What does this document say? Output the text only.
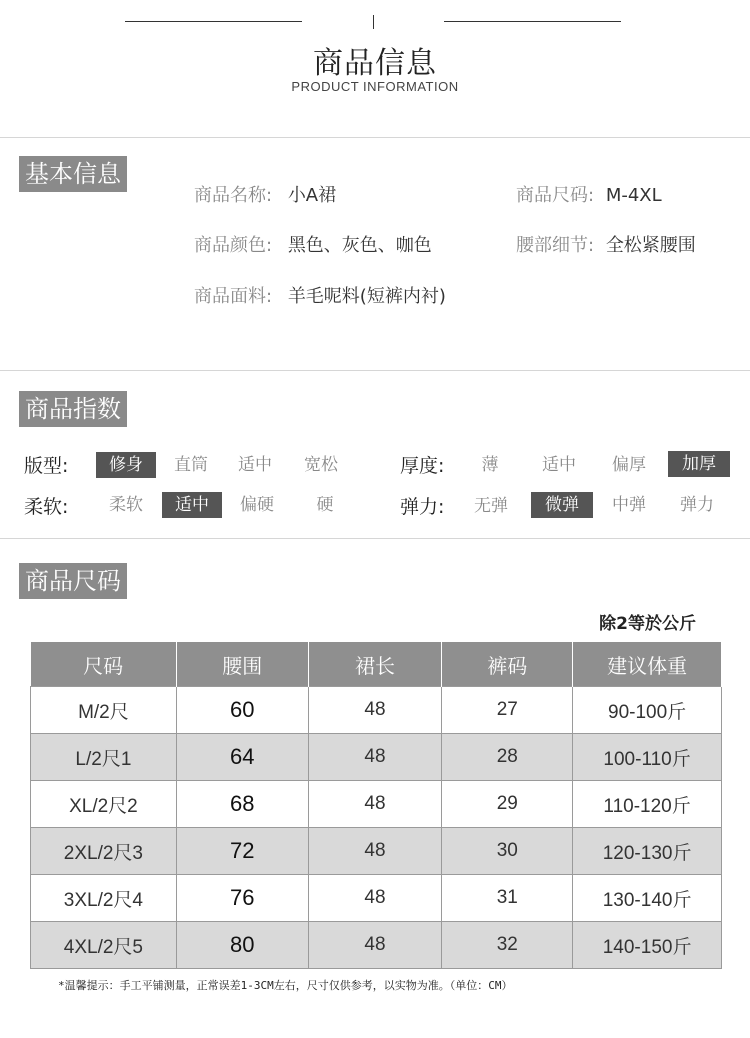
商品信息
PRODUCT INFORMATION
基本信息
商品名称: 小A裙	商品尺码: M-4XL
商品颜色: 黑色、灰色、咖色	腰部细节: 全松紧腰围
商品面料: 羊毛呢料(短裤内衬)
商品指数
版型:	修身	直筒	适中	宽松	厚度:	薄	适中	偏厚	加厚
柔软:	柔软	适中	偏硬	硬	弹力:	无弹	微弹	中弹	弹力
商品尺码
除2等於公斤
尺码	腰围	裙长	裤码	建议体重
M/2尺	60	48	27	90-100斤
L/2尺1	64	48	28	100-110斤
XL/2尺2	68	48	29	110-120斤
2XL/2尺3	72	48	30	120-130斤
3XL/2尺4	76	48	31	130-140斤
4XL/2尺5	80	48	32	140-150斤
*温馨提示：手工平铺测量，正常误差1-3CM左右，尺寸仅供参考，以实物为准。（单位：CM）
